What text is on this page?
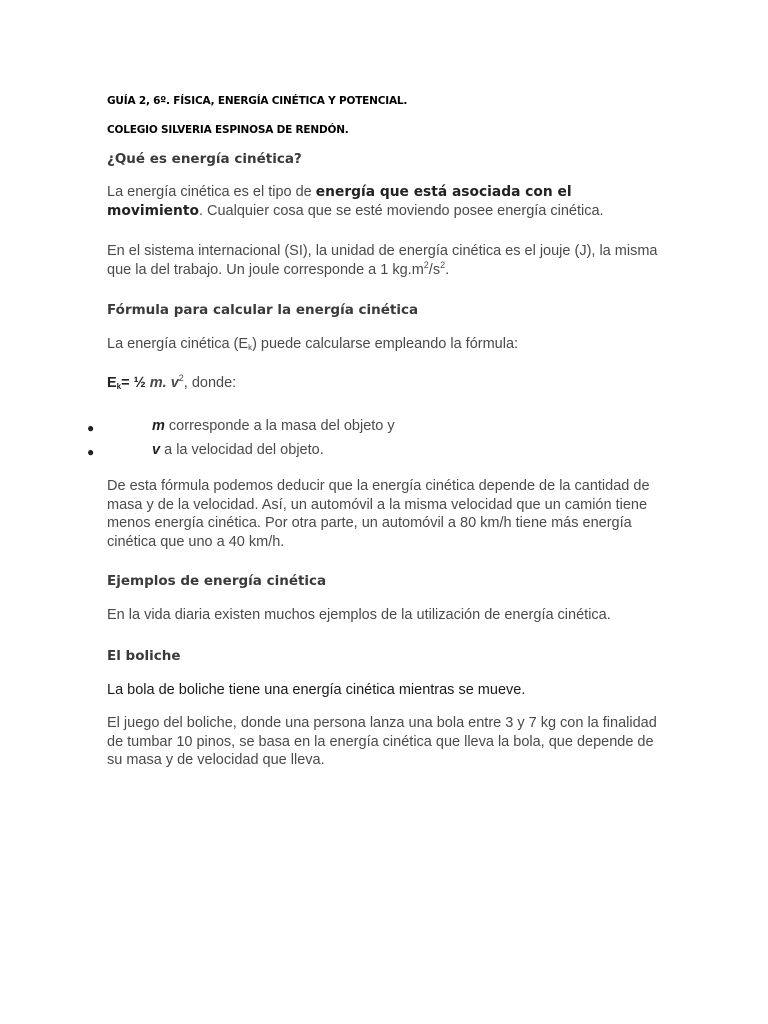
GUÍA 2, 6º. FÍSICA, ENERGÍA CINÉTICA Y POTENCIAL.
COLEGIO SILVERIA ESPINOSA DE RENDÓN.
¿Qué es energía cinética?
La energía cinética es el tipo de energía que está asociada con el movimiento. Cualquier cosa que se esté moviendo posee energía cinética.
En el sistema internacional (SI), la unidad de energía cinética es el jouje (J), la misma que la del trabajo. Un joule corresponde a 1 $kg.m^2/s^2$.
Fórmula para calcular la energía cinética
La energía cinética $(E_k)$ puede calcularse empleando la fórmula:
$E_k=$ ½ m. $v^2$, donde:
●	m corresponde a la masa del objeto y
●	v a la velocidad del objeto.
De esta fórmula podemos deducir que la energía cinética depende de la cantidad de masa y de la velocidad. Así, un automóvil a la misma velocidad que un camión tiene menos energía cinética. Por otra parte, un automóvil a 80 km/h tiene más energía cinética que uno a 40 km/h.
Ejemplos de energía cinética
En la vida diaria existen muchos ejemplos de la utilización de energía cinética.
El boliche
La bola de boliche tiene una energía cinética mientras se mueve.
El juego del boliche, donde una persona lanza una bola entre 3 y 7 kg con la finalidad de tumbar 10 pinos, se basa en la energía cinética que lleva la bola, que depende de su masa y de velocidad que lleva.
